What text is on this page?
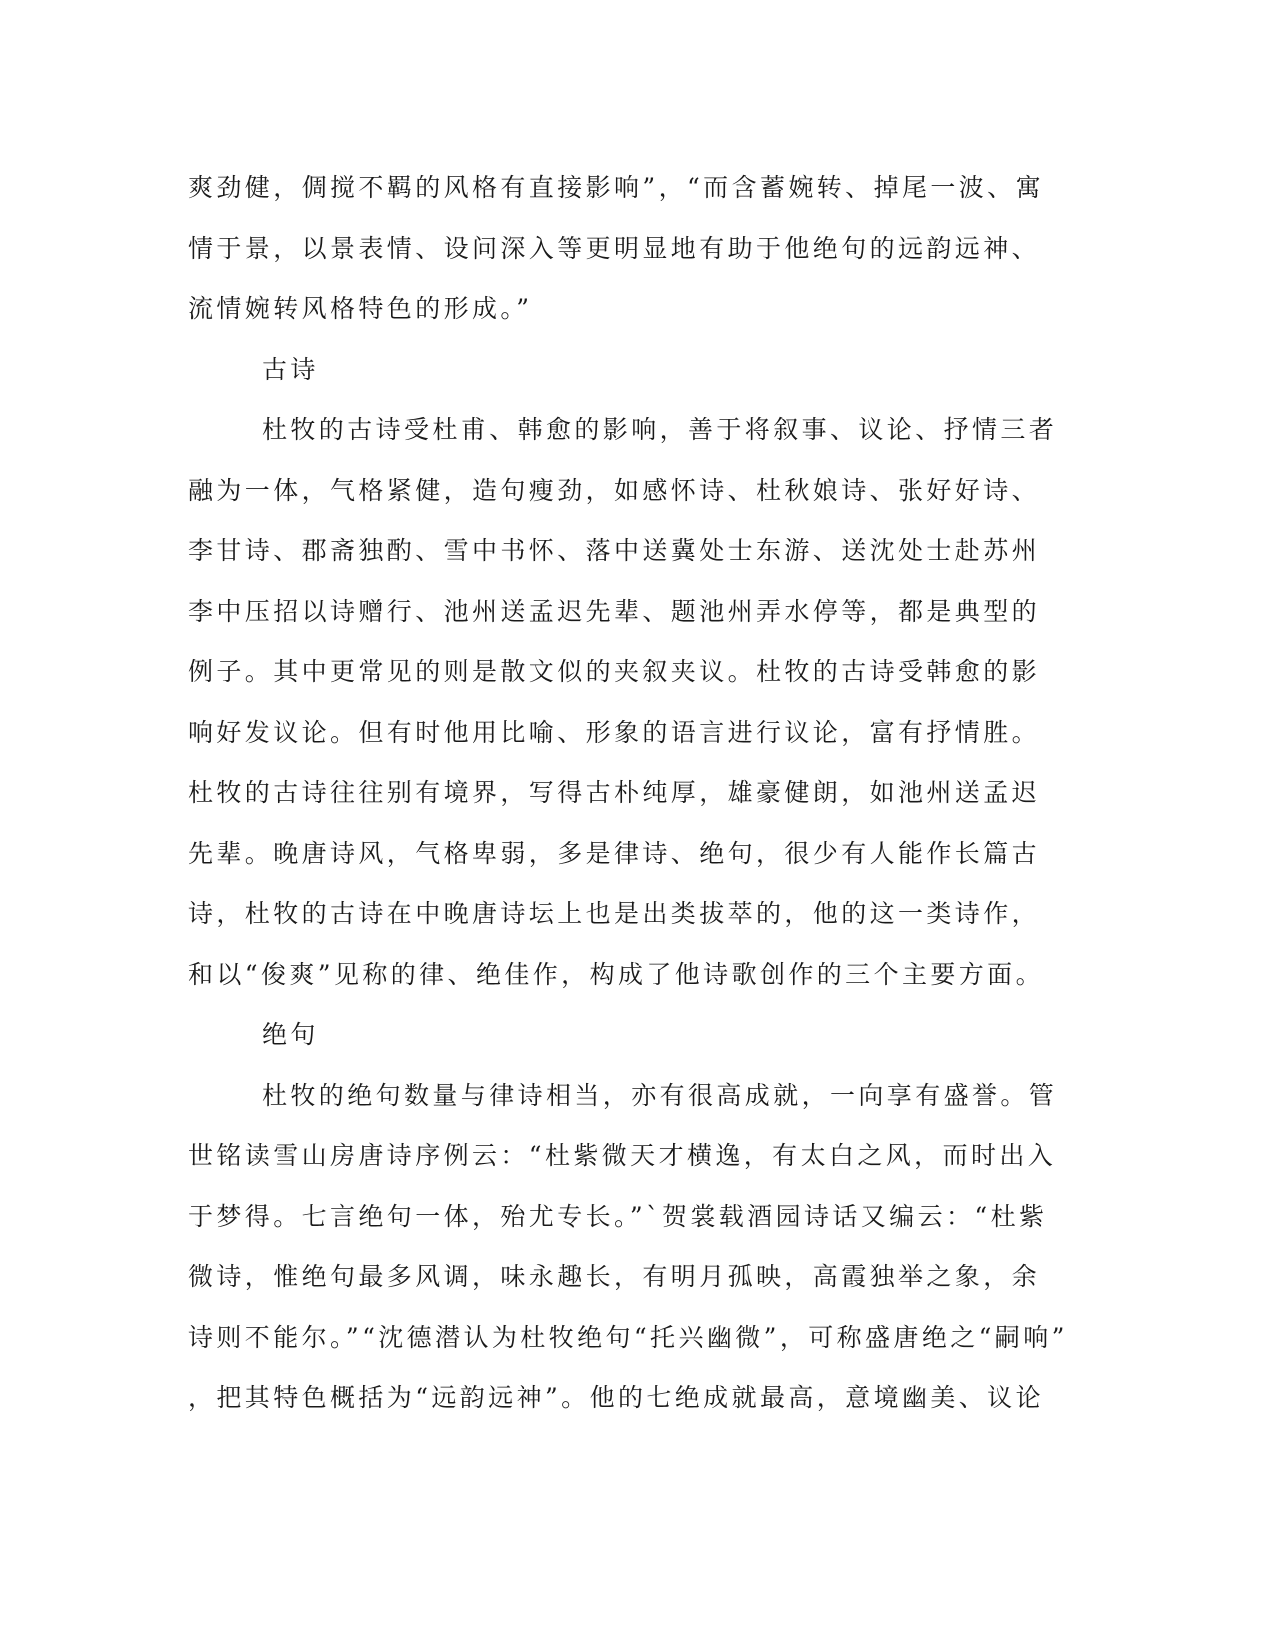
爽劲健，倜搅不羁的风格有直接影响”，“而含蓄婉转、掉尾一波、寓
情于景，以景表情、设问深入等更明显地有助于他绝句的远韵远神、
流情婉转风格特色的形成。”
古诗
杜牧的古诗受杜甫、韩愈的影响，善于将叙事、议论、抒情三者
融为一体，气格紧健，造句瘦劲，如感怀诗、杜秋娘诗、张好好诗、
李甘诗、郡斋独酌、雪中书怀、落中送冀处士东游、送沈处士赴苏州
李中压招以诗赠行、池州送孟迟先辈、题池州弄水停等，都是典型的
例子。其中更常见的则是散文似的夹叙夹议。杜牧的古诗受韩愈的影
响好发议论。但有时他用比喻、形象的语言进行议论，富有抒情胜。
杜牧的古诗往往别有境界，写得古朴纯厚，雄豪健朗，如池州送孟迟
先辈。晚唐诗风，气格卑弱，多是律诗、绝句，很少有人能作长篇古
诗，杜牧的古诗在中晚唐诗坛上也是出类拔萃的，他的这一类诗作，
和以“俊爽”见称的律、绝佳作，构成了他诗歌创作的三个主要方面。
绝句
杜牧的绝句数量与律诗相当，亦有很高成就，一向享有盛誉。管
世铭读雪山房唐诗序例云：“杜紫微天才横逸，有太白之风，而时出入
于梦得。七言绝句一体，殆尤专长。”`贺裳载酒园诗话又编云：“杜紫
微诗，惟绝句最多风调，味永趣长，有明月孤映，高霞独举之象，余
诗则不能尔。”“沈德潜认为杜牧绝句“托兴幽微”，可称盛唐绝之“嗣响”
，把其特色概括为“远韵远神”。他的七绝成就最高，意境幽美、议论
